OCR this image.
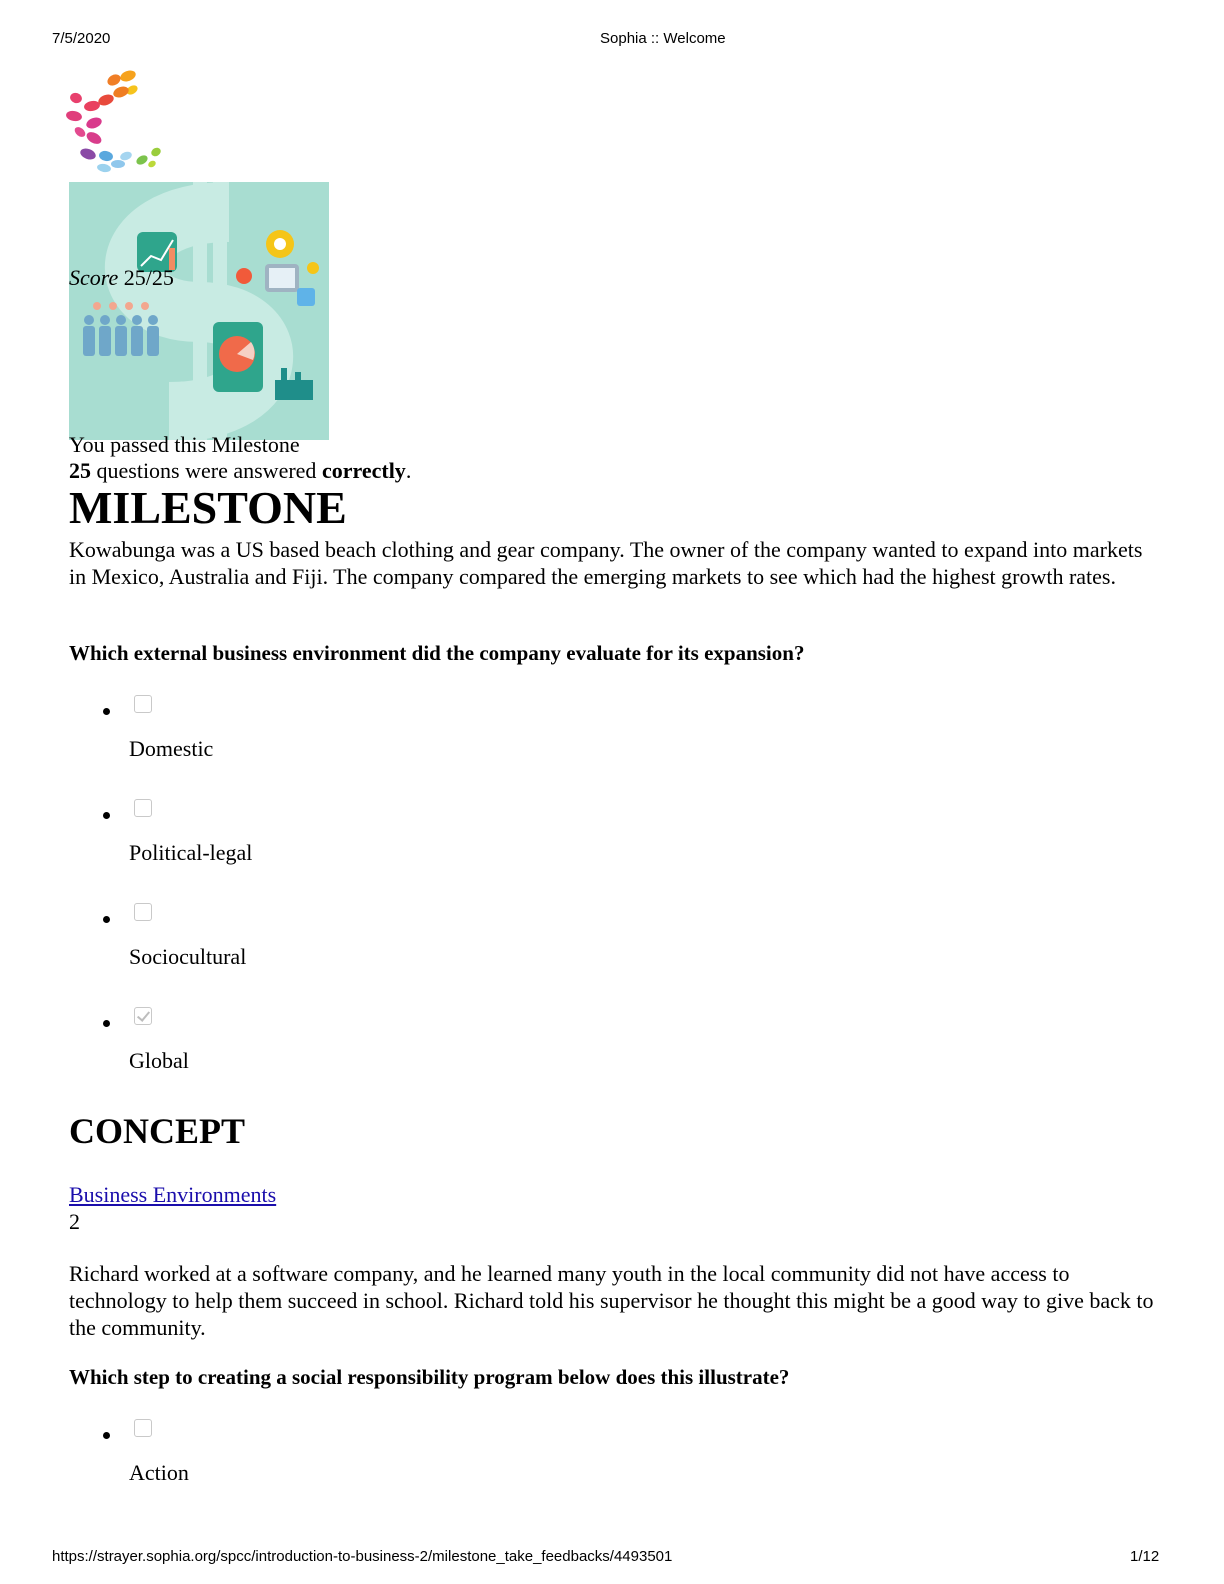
7/5/2020	Sophia :: Welcome
Score 25/25
You passed this Milestone
25 questions were answered correctly.
MILESTONE

Kowabunga was a US based beach clothing and gear company. The owner of the company wanted to expand into markets in Mexico, Australia and Fiji. The company compared the emerging markets to see which had the highest growth rates.

Which external business environment did the company evaluate for its expansion?

Domestic
Political-legal
Sociocultural
Global
CONCEPT
Business Environments
2

Richard worked at a software company, and he learned many youth in the local community did not have access to technology to help them succeed in school. Richard told his supervisor he thought this might be a good way to give back to the community.

Which step to creating a social responsibility program below does this illustrate?

Action
https://strayer.sophia.org/spcc/introduction-to-business-2/milestone_take_feedbacks/4493501	1/12
